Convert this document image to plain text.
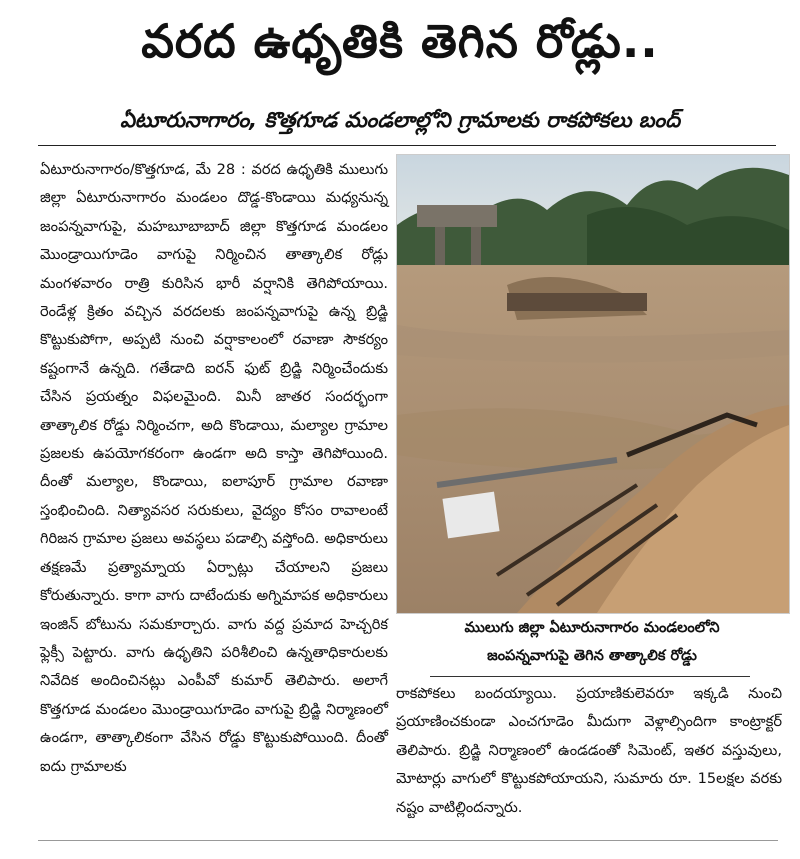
వరద ఉధృతికి తెగిన రోడ్లు..
ఏటూరునాగారం, కొత్తగూడ మండలాల్లోని గ్రామాలకు రాకపోకలు బంద్

ఏటూరునాగారం/కొత్తగూడ, మే 28 : వరద ఉధృతికి ములుగు జిల్లా ఏటూరునాగారం మండలం దొడ్డ-కొండాయి మధ్యనున్న జంపన్నవాగుపై, మహబూబాబాద్ జిల్లా కొత్తగూడ మండలం మొండ్రాయిగూడెం వాగుపై నిర్మించిన తాత్కాలిక రోడ్లు మంగళవారం రాత్రి కురిసిన భారీ వర్షానికి తెగిపోయాయి. రెండేళ్ల క్రితం వచ్చిన వరదలకు జంపన్నవాగుపై ఉన్న బ్రిడ్జి కొట్టుకుపోగా, అప్పటి నుంచి వర్షాకాలంలో రవాణా సౌకర్యం కష్టంగానే ఉన్నది. గతేడాది ఐరన్ ఫుట్ బ్రిడ్జి నిర్మించేందుకు చేసిన ప్రయత్నం విఫలమైంది. మినీ జాతర సందర్భంగా తాత్కాలిక రోడ్డు నిర్మించగా, అది కొండాయి, మల్యాల గ్రామాల ప్రజలకు ఉపయోగకరంగా ఉండగా అది కాస్తా తెగిపోయింది. దీంతో మల్యాల, కొండాయి, ఐలాపూర్ గ్రామాల రవాణా స్తంభించింది. నిత్యావసర సరుకులు, వైద్యం కోసం రావాలంటే గిరిజన గ్రామాల ప్రజలు అవస్థలు పడాల్సి వస్తోంది. అధికారులు తక్షణమే ప్రత్యామ్నాయ ఏర్పాట్లు చేయాలని ప్రజలు కోరుతున్నారు. కాగా వాగు దాటేందుకు అగ్నిమాపక అధికారులు ఇంజిన్ బోటును సమకూర్చారు. వాగు వద్ద ప్రమాద హెచ్చరిక ఫ్లెక్సీ పెట్టారు. వాగు ఉధృతిని పరిశీలించి ఉన్నతాధికారులకు నివేదిక అందించినట్లు ఎంపీవో కుమార్ తెలిపారు. అలాగే కొత్తగూడ మండలం మొండ్రాయిగూడెం వాగుపై బ్రిడ్జి నిర్మాణంలో ఉండగా, తాత్కాలికంగా వేసిన రోడ్డు కొట్టుకుపోయింది. దీంతో ఐదు గ్రామాలకు

ములుగు జిల్లా ఏటూరునాగారం మండలంలోని
జంపన్నవాగుపై తెగిన తాత్కాలిక రోడ్డు

రాకపోకలు బందయ్యాయి. ప్రయాణికులెవరూ ఇక్కడి నుంచి ప్రయాణించకుండా ఎంచగూడెం మీదుగా వెళ్లాల్సిందిగా కాంట్రాక్టర్ తెలిపారు. బ్రిడ్జి నిర్మాణంలో ఉండడంతో సిమెంట్, ఇతర వస్తువులు, మోటార్లు వాగులో కొట్టుకపోయాయని, సుమారు రూ. 15లక్షల వరకు నష్టం వాటిల్లిందన్నారు.
